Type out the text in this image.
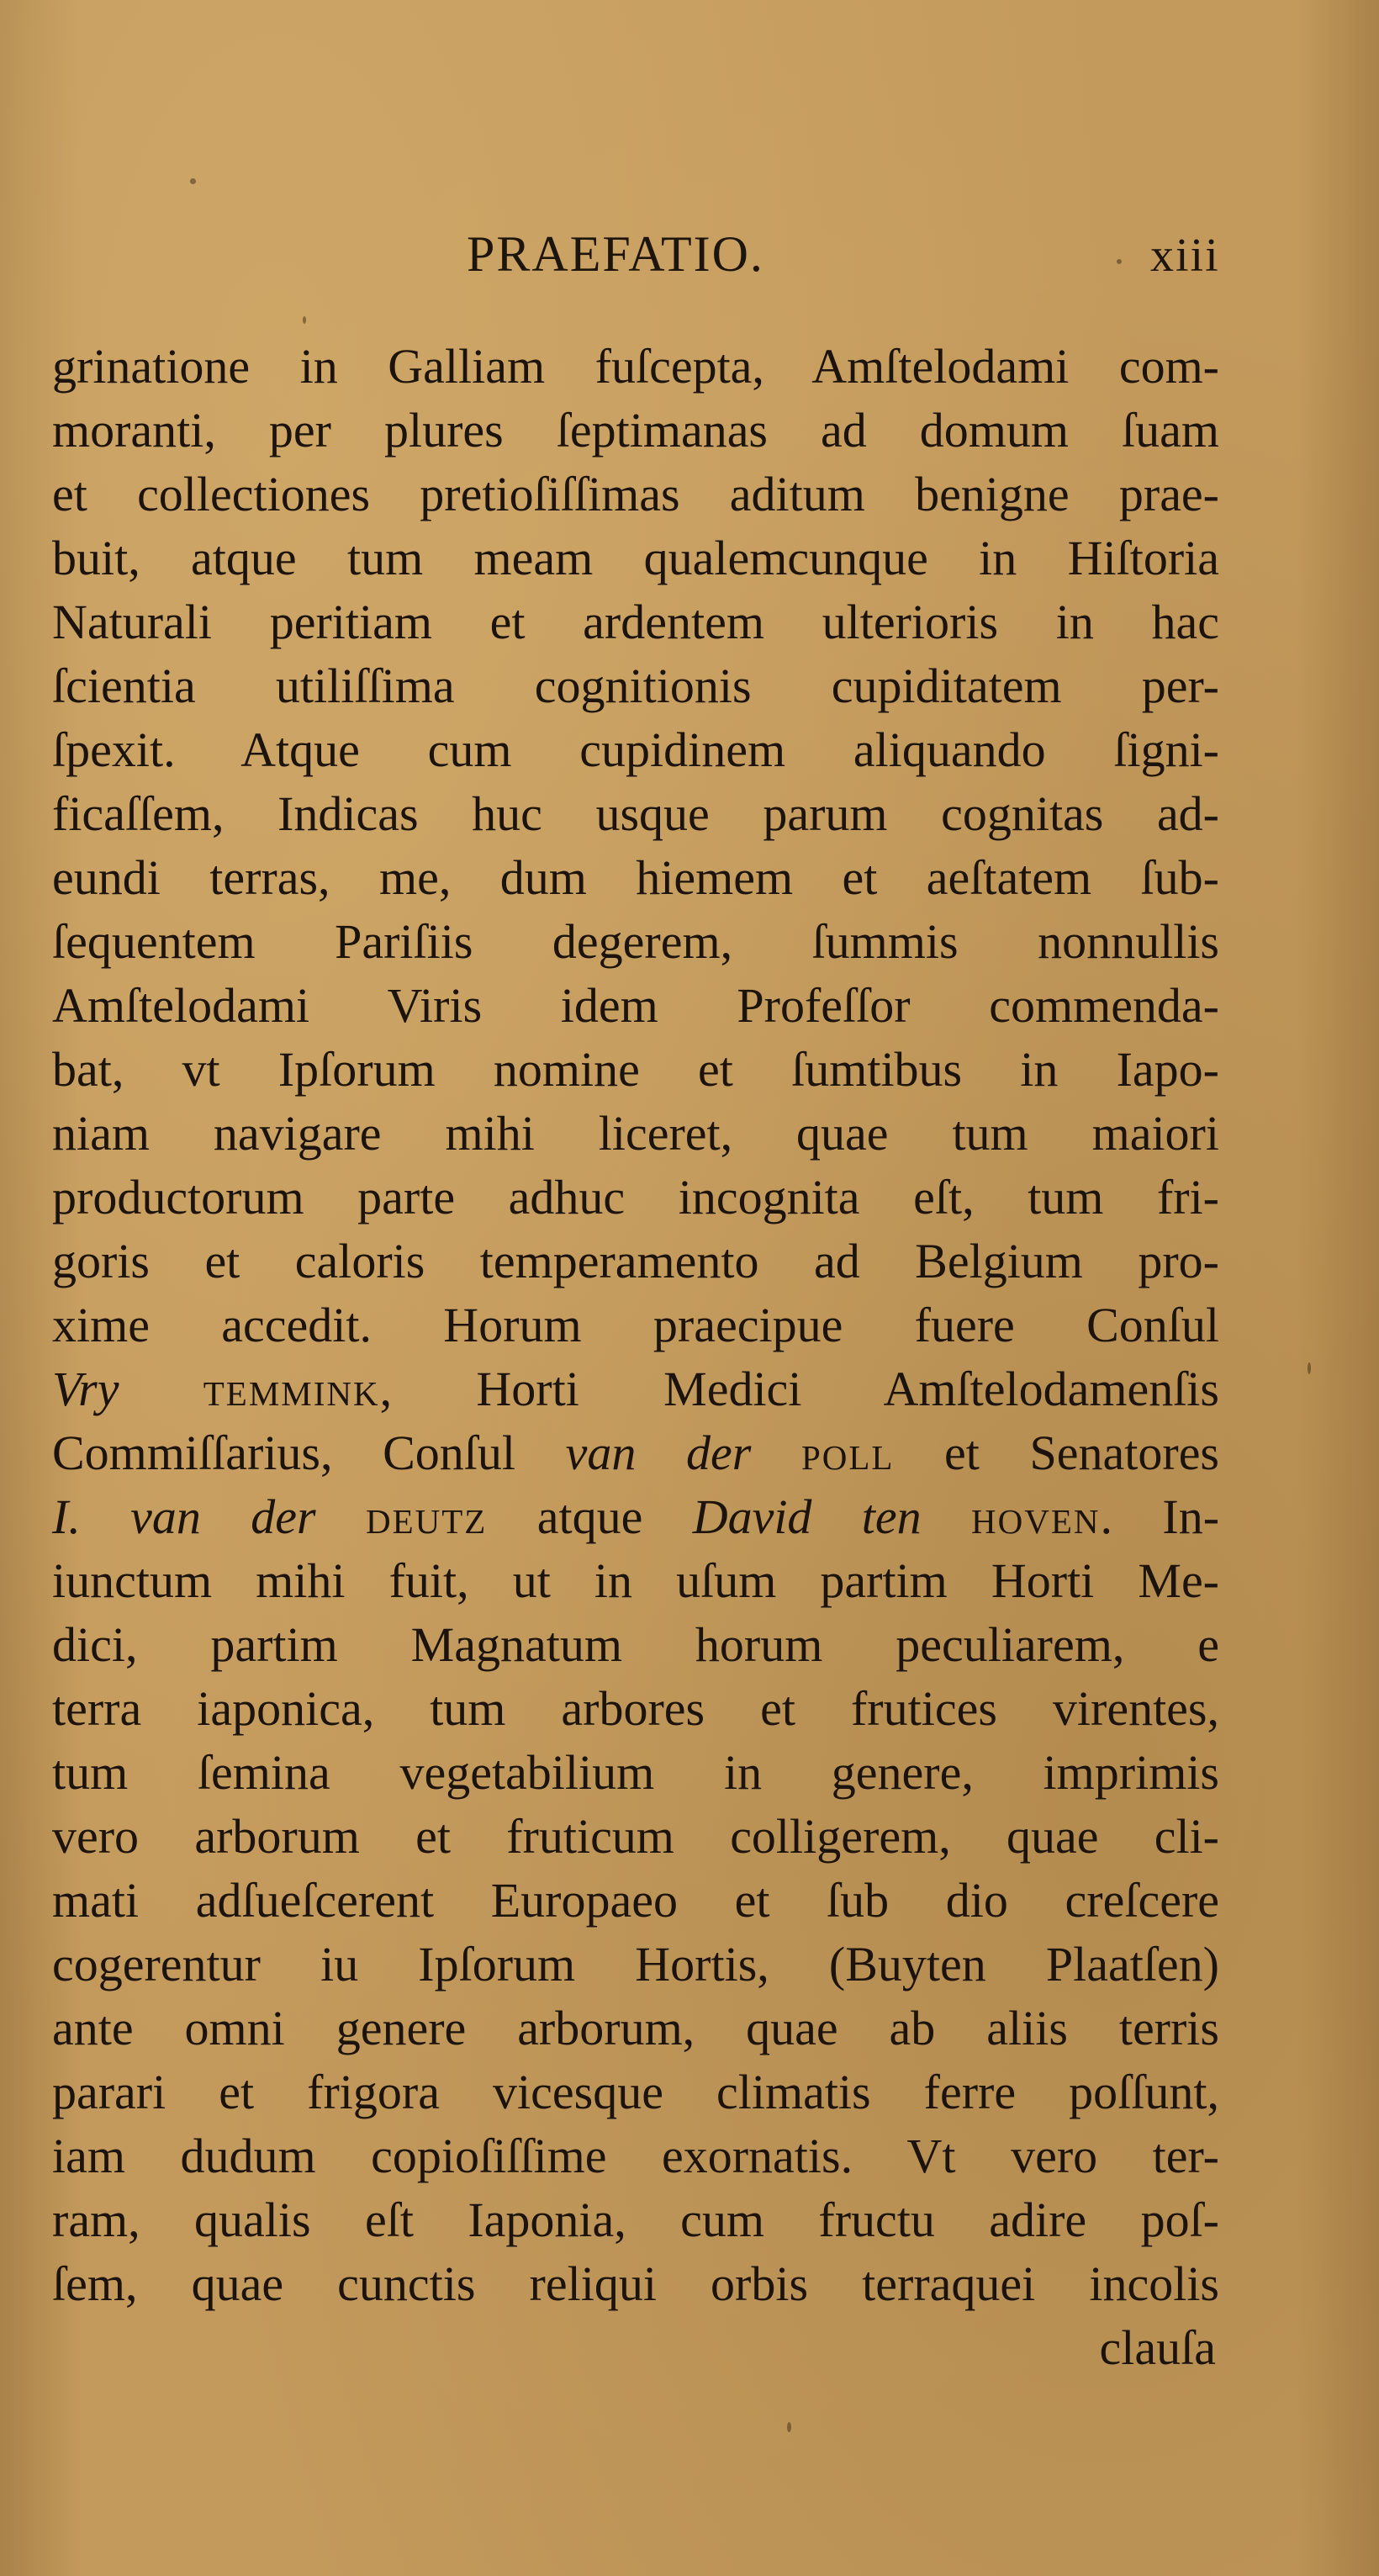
PRAEFATIO.	xiii
grinatione in Galliam fuſcepta, Amſtelodami com-
moranti, per plures ſeptimanas ad domum ſuam
et collectiones pretioſiſſimas aditum benigne prae-
buit, atque tum meam qualemcunque in Hiſtoria
Naturali peritiam et ardentem ulterioris in hac
ſcientia utiliſſima cognitionis cupiditatem per-
ſpexit. Atque cum cupidinem aliquando ſigni-
ficaſſem, Indicas huc usque parum cognitas ad-
eundi terras, me, dum hiemem et aeſtatem ſub-
ſequentem Pariſiis degerem, ſummis nonnullis
Amſtelodami Viris idem Profeſſor commenda-
bat, vt Ipſorum nomine et ſumtibus in Iapo-
niam navigare mihi liceret, quae tum maiori
productorum parte adhuc incognita eſt, tum fri-
goris et caloris temperamento ad Belgium pro-
xime accedit. Horum praecipue fuere Conſul
Vry temmink, Horti Medici Amſtelodamenſis
Commiſſarius, Conſul van der poll et Senatores
I. van der deutz atque David ten hoven. In-
iunctum mihi fuit, ut in uſum partim Horti Me-
dici, partim Magnatum horum peculiarem, e
terra iaponica, tum arbores et frutices virentes,
tum ſemina vegetabilium in genere, imprimis
vero arborum et fruticum colligerem, quae cli-
mati adſueſcerent Europaeo et ſub dio creſcere
cogerentur iu Ipſorum Hortis, (Buyten Plaatſen)
ante omni genere arborum, quae ab aliis terris
parari et frigora vicesque climatis ferre poſſunt,
iam dudum copioſiſſime exornatis. Vt vero ter-
ram, qualis eſt Iaponia, cum fructu adire poſ-
ſem, quae cunctis reliqui orbis terraquei incolis
clauſa
